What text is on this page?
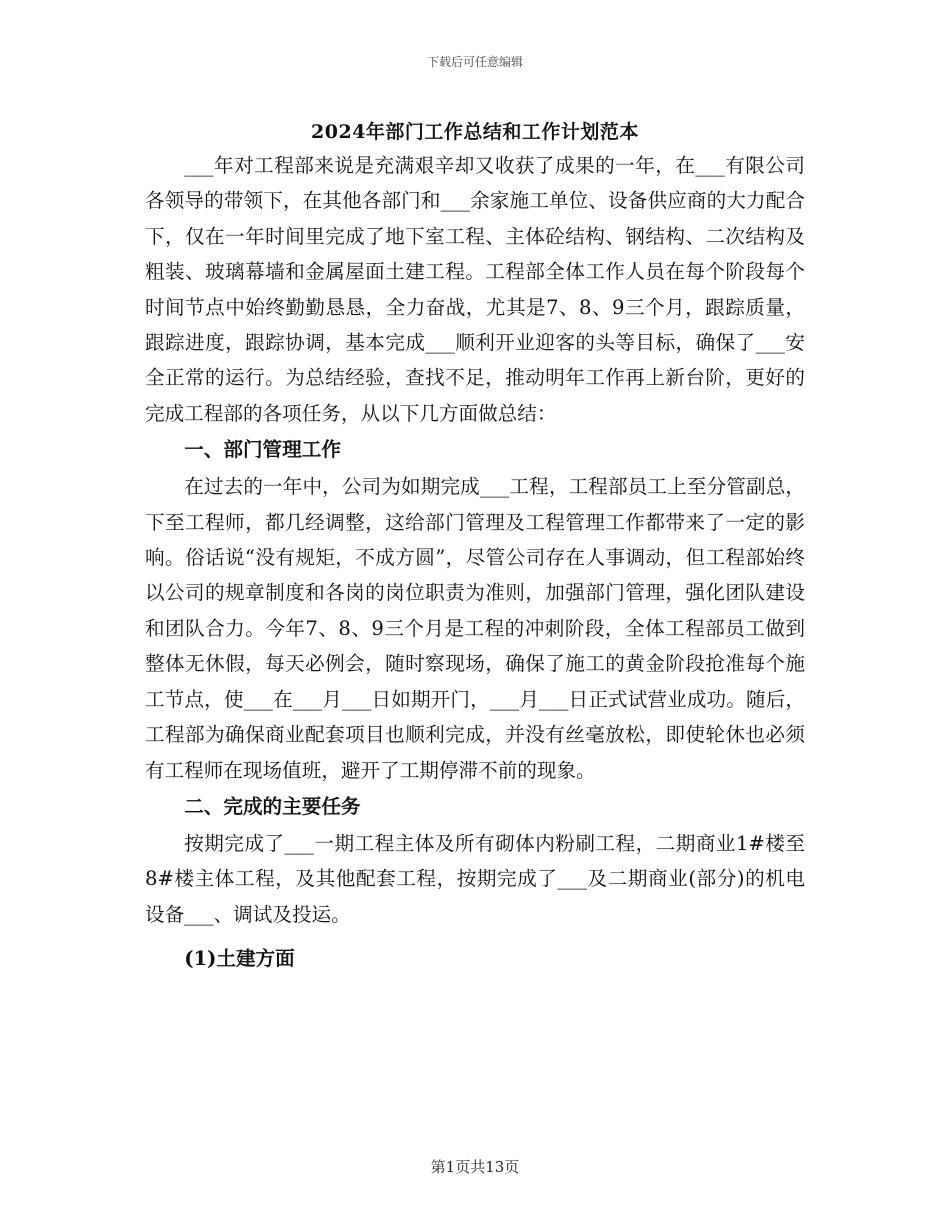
下载后可任意编辑
2024年部门工作总结和工作计划范本

___年对工程部来说是充满艰辛却又收获了成果的一年，在___有限公司各领导的带领下，在其他各部门和___余家施工单位、设备供应商的大力配合下，仅在一年时间里完成了地下室工程、主体砼结构、钢结构、二次结构及粗装、玻璃幕墙和金属屋面土建工程。工程部全体工作人员在每个阶段每个时间节点中始终勤勤恳恳，全力奋战，尤其是7、8、9三个月，跟踪质量，跟踪进度，跟踪协调，基本完成___顺利开业迎客的头等目标，确保了___安全正常的运行。为总结经验，查找不足，推动明年工作再上新台阶，更好的完成工程部的各项任务，从以下几方面做总结：

一、部门管理工作

在过去的一年中，公司为如期完成___工程，工程部员工上至分管副总，下至工程师，都几经调整，这给部门管理及工程管理工作都带来了一定的影响。俗话说“没有规矩，不成方圆”，尽管公司存在人事调动，但工程部始终以公司的规章制度和各岗的岗位职责为准则，加强部门管理，强化团队建设和团队合力。今年7、8、9三个月是工程的冲刺阶段，全体工程部员工做到整体无休假，每天必例会，随时察现场，确保了施工的黄金阶段抢准每个施工节点，使___在___月___日如期开门，___月___日正式试营业成功。随后，工程部为确保商业配套项目也顺利完成，并没有丝毫放松，即使轮休也必须有工程师在现场值班，避开了工期停滞不前的现象。

二、完成的主要任务

按期完成了___一期工程主体及所有砌体内粉刷工程，二期商业1#楼至8#楼主体工程，及其他配套工程，按期完成了___及二期商业(部分)的机电设备___、调试及投运。

(1)土建方面
第1页共13页
